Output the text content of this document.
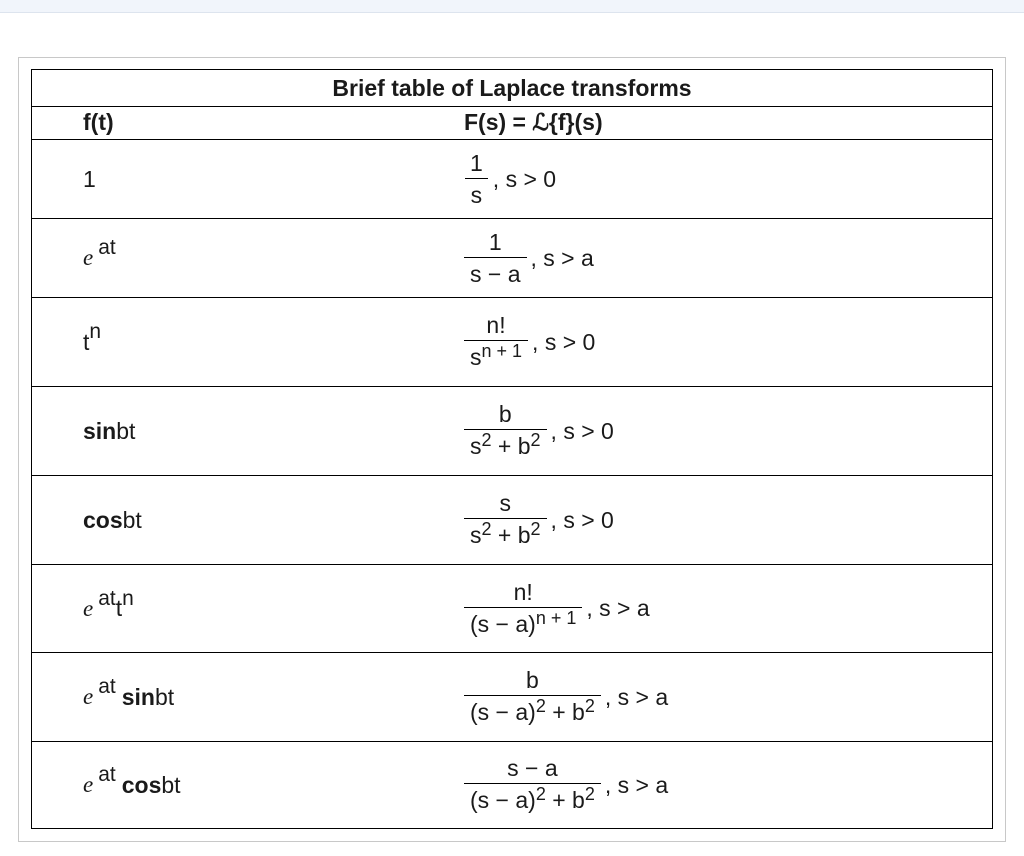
Brief table of Laplace transforms
f(t)	F(s) = ℒ{f}(s)
1	$\frac{1}{s}$ , s > 0
e at	$\frac{1}{s - a}$ , s > a
t n	$\frac{n!}{s^{n + 1}}$ , s > 0
sin bt	$\frac{b}{s^2 + b^2}$ , s > 0
cos bt	$\frac{s}{s^2 + b^2}$ , s > 0
e at t n	$\frac{n!}{(s - a)^{n + 1}}$ , s > a
e at sin bt	$\frac{b}{(s - a)^2 + b^2}$ , s > a
e at cos bt	$\frac{s - a}{(s - a)^2 + b^2}$ , s > a
